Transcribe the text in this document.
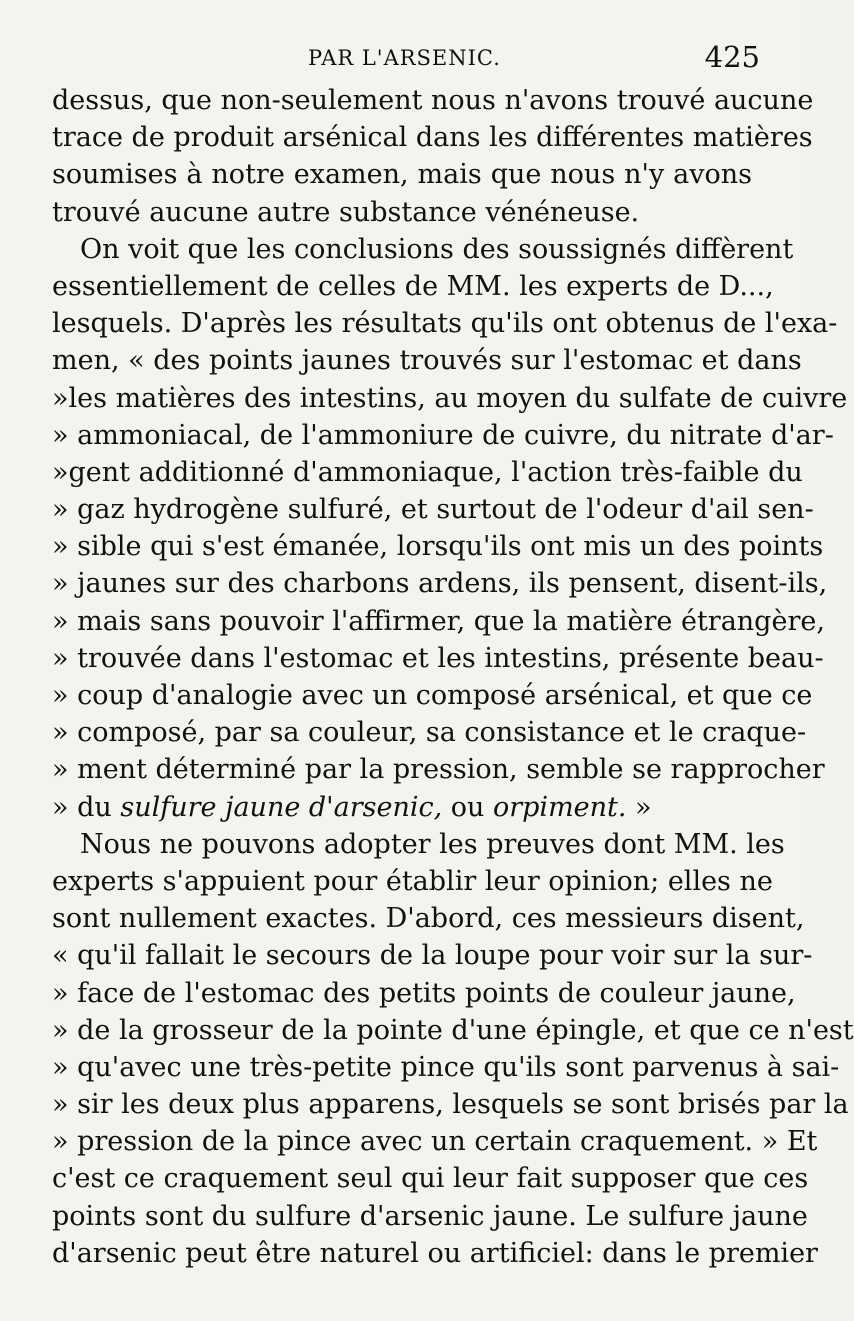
PAR L'ARSENIC.	425
dessus, que non-seulement nous n'avons trouvé aucune
trace de produit arsénical dans les différentes matières
soumises à notre examen, mais que nous n'y avons
trouvé aucune autre substance vénéneuse.
On voit que les conclusions des soussignés diffèrent
essentiellement de celles de MM. les experts de D...,
lesquels. D'après les résultats qu'ils ont obtenus de l'exa-
men, « des points jaunes trouvés sur l'estomac et dans
»les matières des intestins, au moyen du sulfate de cuivre
» ammoniacal, de l'ammoniure de cuivre, du nitrate d'ar-
»gent additionné d'ammoniaque, l'action très-faible du
» gaz hydrogène sulfuré, et surtout de l'odeur d'ail sen-
» sible qui s'est émanée, lorsqu'ils ont mis un des points
» jaunes sur des charbons ardens, ils pensent, disent-ils,
» mais sans pouvoir l'affirmer, que la matière étrangère,
» trouvée dans l'estomac et les intestins, présente beau-
» coup d'analogie avec un composé arsénical, et que ce
» composé, par sa couleur, sa consistance et le craque-
» ment déterminé par la pression, semble se rapprocher
» du sulfure jaune d'arsenic, ou orpiment. »
Nous ne pouvons adopter les preuves dont MM. les
experts s'appuient pour établir leur opinion; elles ne
sont nullement exactes. D'abord, ces messieurs disent,
« qu'il fallait le secours de la loupe pour voir sur la sur-
» face de l'estomac des petits points de couleur jaune,
» de la grosseur de la pointe d'une épingle, et que ce n'est
» qu'avec une très-petite pince qu'ils sont parvenus à sai-
» sir les deux plus apparens, lesquels se sont brisés par la
» pression de la pince avec un certain craquement. » Et
c'est ce craquement seul qui leur fait supposer que ces
points sont du sulfure d'arsenic jaune. Le sulfure jaune
d'arsenic peut être naturel ou artificiel: dans le premier
